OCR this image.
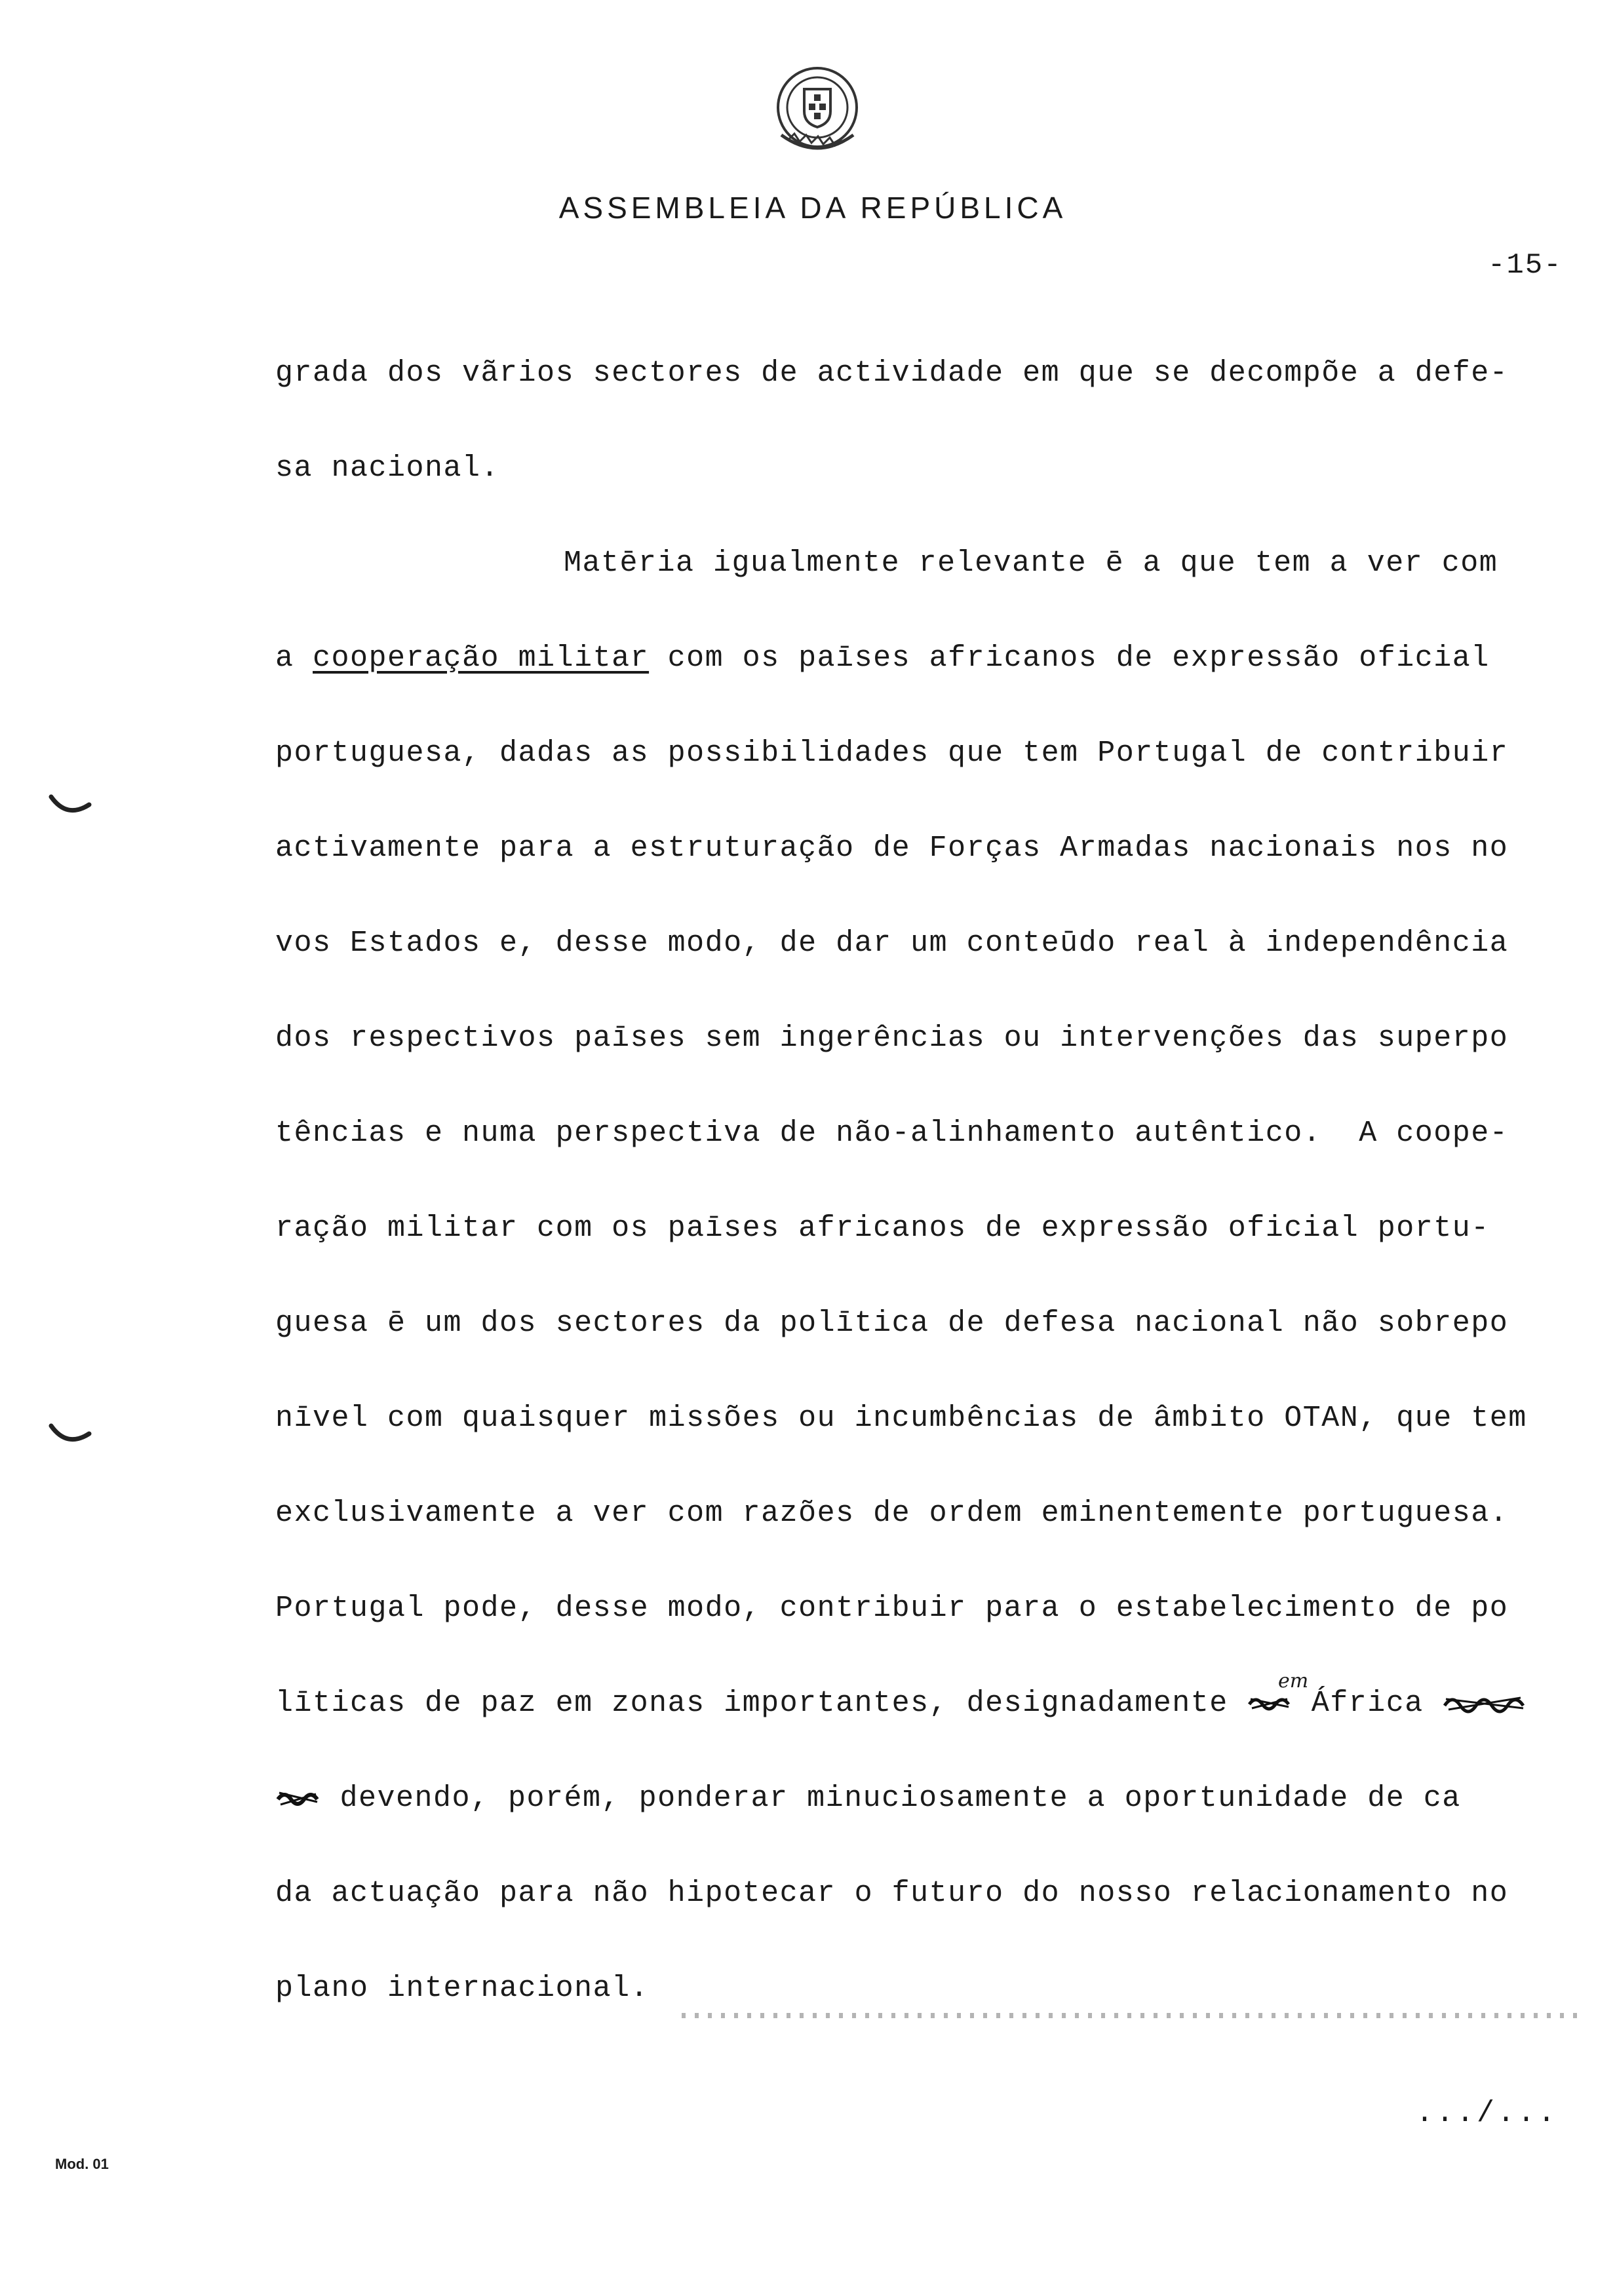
ASSEMBLEIA DA REPÚBLICA
-15-
grada dos vãrios sectores de actividade em que se decompõe a defe-
sa nacional.
Matēria igualmente relevante ē a que tem a ver com
a cooperação militar com os paīses africanos de expressão oficial
portuguesa, dadas as possibilidades que tem Portugal de contribuir
activamente para a estruturação de Forças Armadas nacionais nos no
vos Estados e, desse modo, de dar um conteūdo real à independência
dos respectivos paīses sem ingerências ou intervenções das superpo
tências e numa perspectiva de não-alinhamento autêntico.  A coope-
ração militar com os paīses africanos de expressão oficial portu-
guesa ē um dos sectores da polītica de defesa nacional não sobrepo
nīvel com quaisquer missões ou incumbências de âmbito OTAN, que tem
exclusivamente a ver com razões de ordem eminentemente portuguesa.
Portugal pode, desse modo, contribuir para o estabelecimento de po
līticas de paz em zonas importantes, designadamente  África
devendo, porém, ponderar minuciosamente a oportunidade de ca
da actuação para não hipotecar o futuro do nosso relacionamento no
plano internacional.
em
.../...
Mod. 01
